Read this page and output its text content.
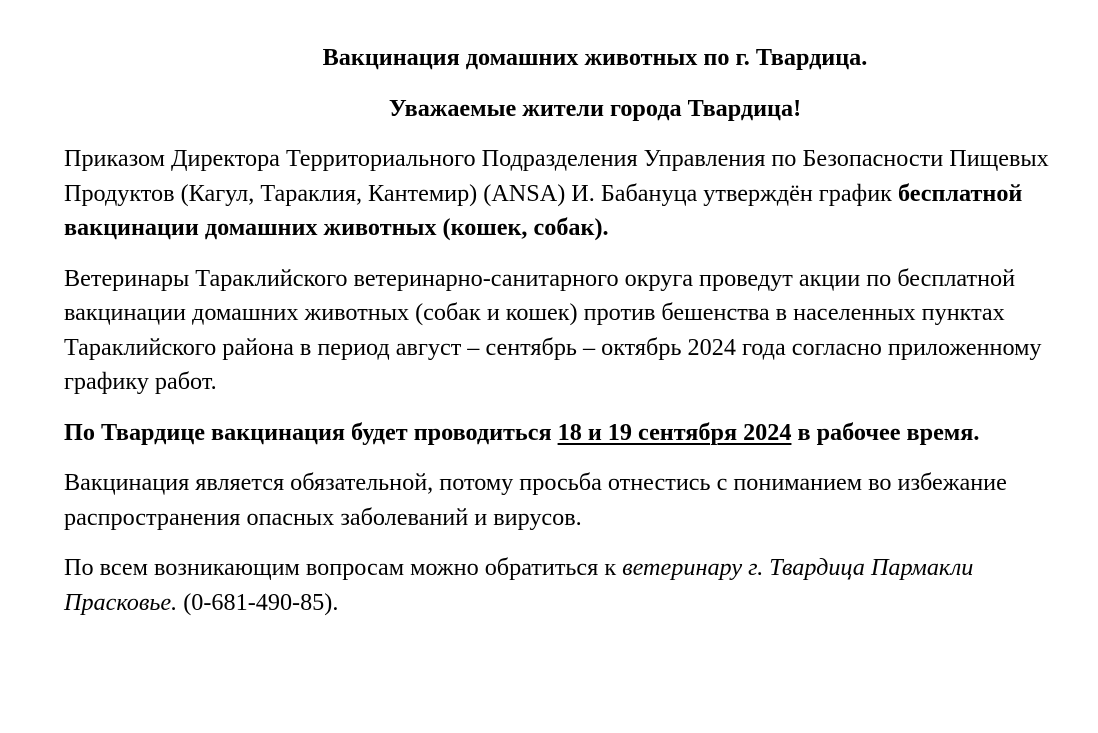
Вакцинация домашних животных по г. Твардица.
Уважаемые жители города Твардица!

Приказом Директора Территориального Подразделения Управления по Безопасности Пищевых Продуктов (Кагул, Тараклия, Кантемир) (ANSA) И. Бабануца утверждён график бесплатной вакцинации домашних животных (кошек, собак).

Ветеринары Тараклийского ветеринарно-санитарного округа проведут акции по бесплатной вакцинации домашних животных (собак и кошек) против бешенства в населенных пунктах Тараклийского района в период август – сентябрь – октябрь 2024 года согласно приложенному графику работ.

По Твардице вакцинация будет проводиться 18 и 19 сентября 2024 в рабочее время.

Вакцинация является обязательной, потому просьба отнестись с пониманием во избежание распространения опасных заболеваний и вирусов.

По всем возникающим вопросам можно обратиться к ветеринару г. Твардица Пармакли Прасковье. (0-681-490-85).
